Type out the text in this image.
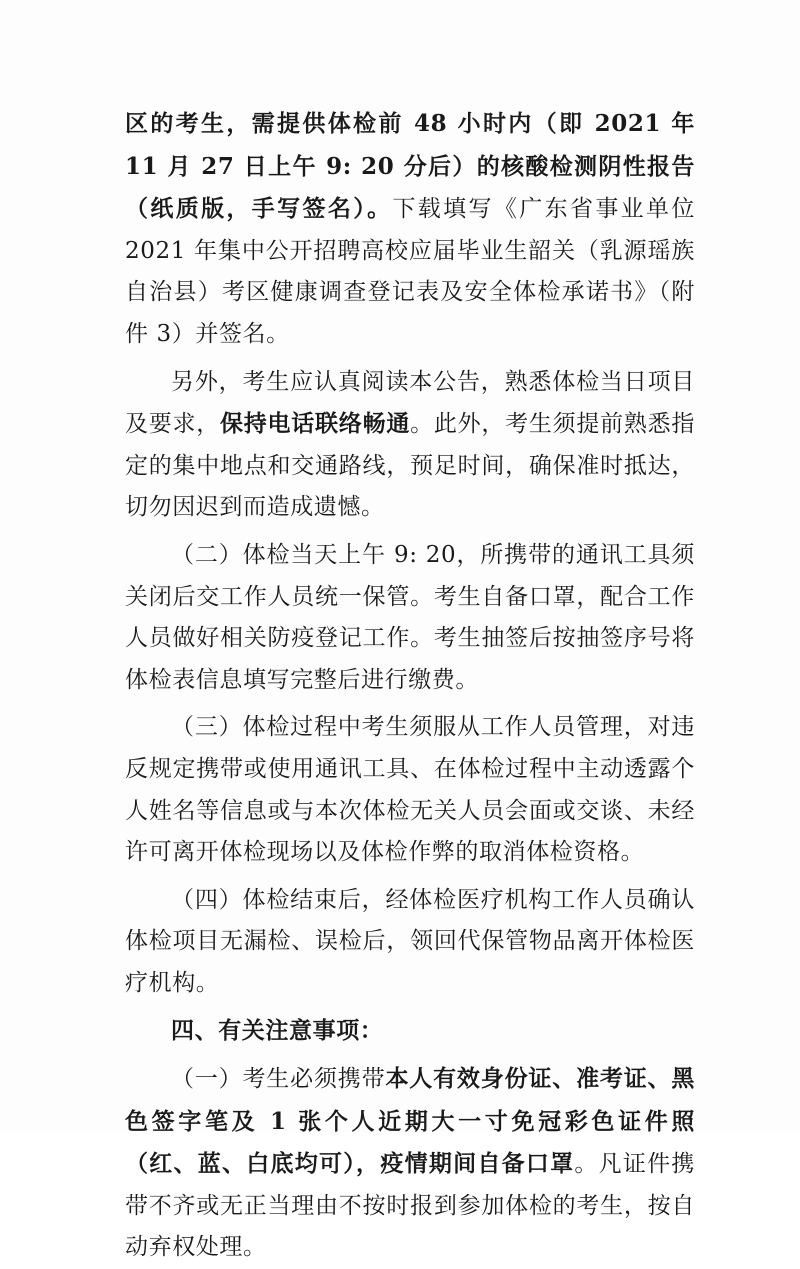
区的考生，需提供体检前 48 小时内（即 2021 年 11 月 27 日上午 9: 20 分后）的核酸检测阴性报告（纸质版，手写签名）。下载填写《广东省事业单位 2021 年集中公开招聘高校应届毕业生韶关（乳源瑶族自治县）考区健康调查登记表及安全体检承诺书》（附件 3）并签名。

另外，考生应认真阅读本公告，熟悉体检当日项目及要求，保持电话联络畅通。此外，考生须提前熟悉指定的集中地点和交通路线，预足时间，确保准时抵达，切勿因迟到而造成遗憾。

（二）体检当天上午 9: 20，所携带的通讯工具须关闭后交工作人员统一保管。考生自备口罩，配合工作人员做好相关防疫登记工作。考生抽签后按抽签序号将体检表信息填写完整后进行缴费。

（三）体检过程中考生须服从工作人员管理，对违反规定携带或使用通讯工具、在体检过程中主动透露个人姓名等信息或与本次体检无关人员会面或交谈、未经许可离开体检现场以及体检作弊的取消体检资格。

（四）体检结束后，经体检医疗机构工作人员确认体检项目无漏检、误检后，领回代保管物品离开体检医疗机构。

四、有关注意事项：

（一）考生必须携带本人有效身份证、准考证、黑色签字笔及 1 张个人近期大一寸免冠彩色证件照（红、蓝、白底均可），疫情期间自备口罩。凡证件携带不齐或无正当理由不按时报到参加体检的考生，按自动弃权处理。
